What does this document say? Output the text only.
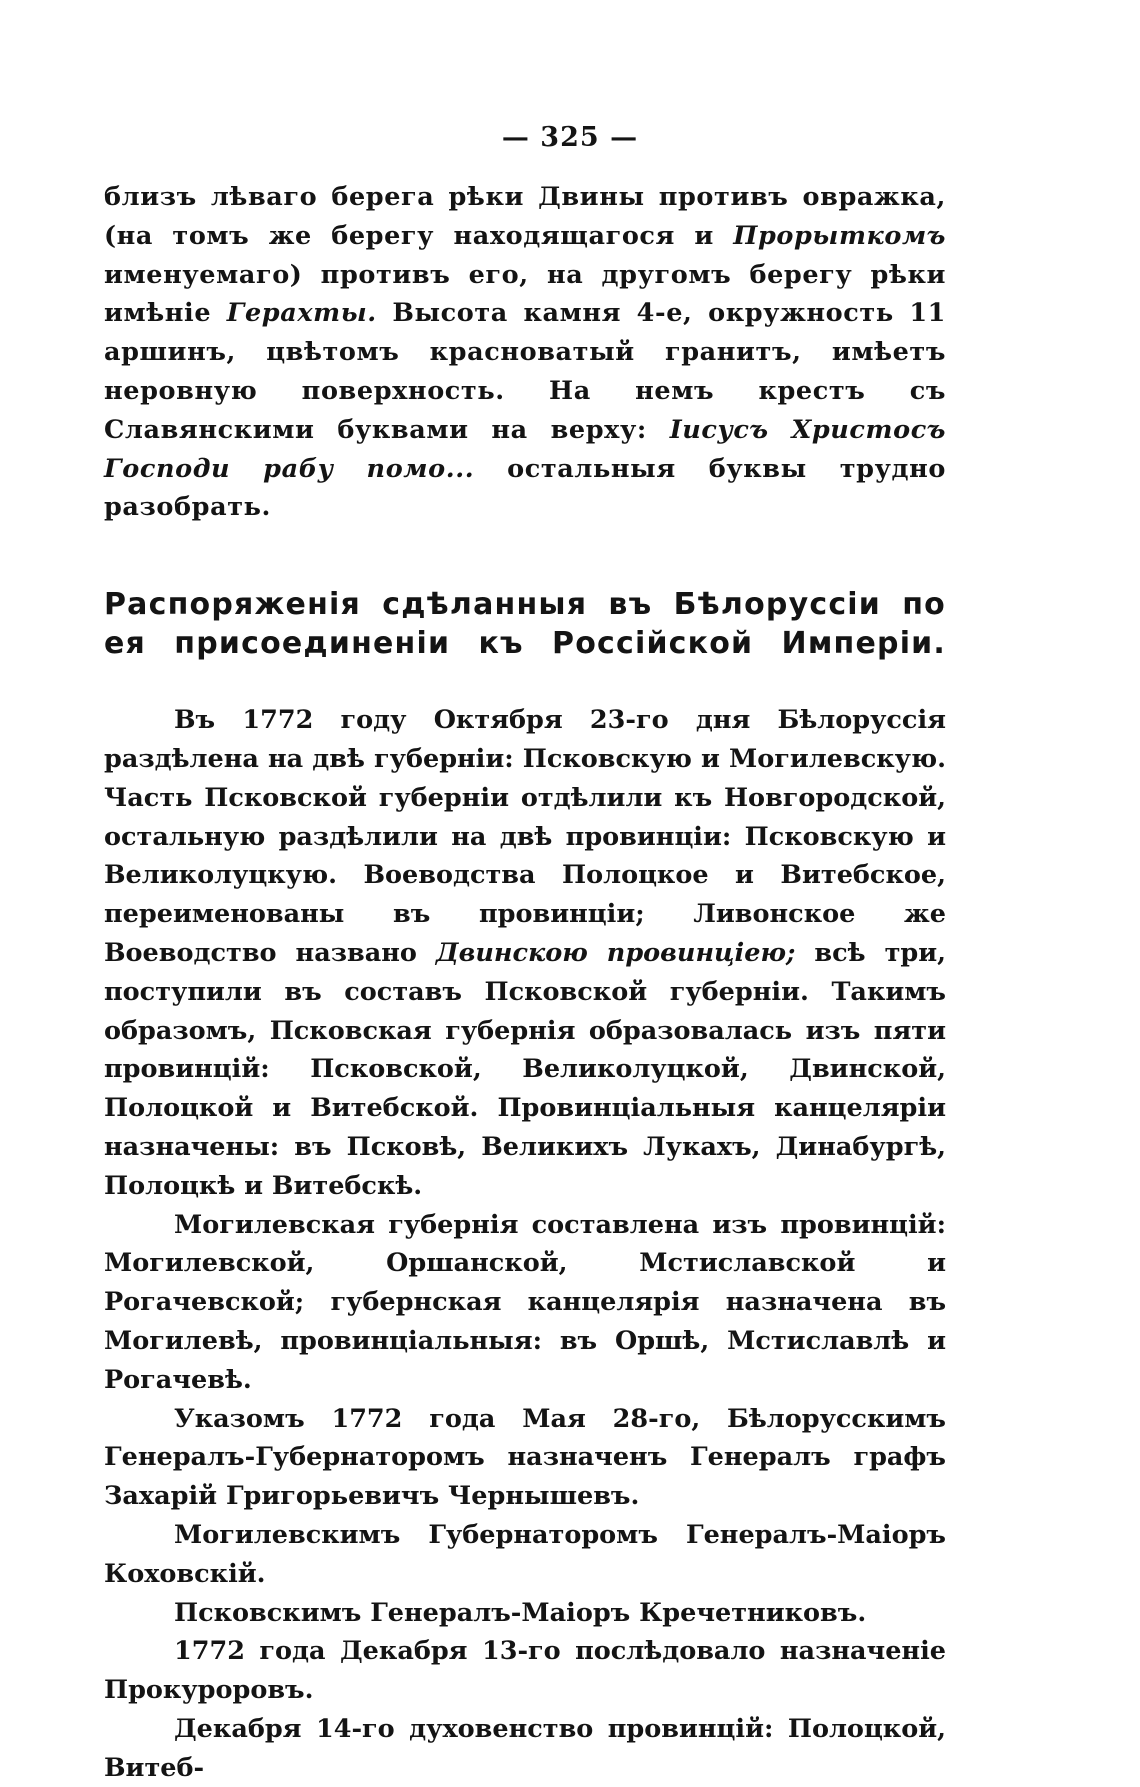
— 325 —

близъ лѣваго берега рѣки Двины противъ овражка, (на томъ же берегу находящагося и Прорыткомъ именуемаго) противъ его, на другомъ берегу рѣки имѣніе Герахты. Высота камня 4-е, окружность 11 аршинъ, цвѣтомъ красноватый гранитъ, имѣетъ неровную поверхность. На немъ крестъ съ Славянскими буквами на верху: Iисусъ Христосъ Господи рабу помо... остальныя буквы трудно разобрать.

Распоряженія сдѣланныя въ Бѣлоруссіи по ея присоединеніи къ Россійской Имперіи.

Въ 1772 году Октября 23-го дня Бѣлоруссія раздѣлена на двѣ губерніи: Псковскую и Могилевскую. Часть Псковской губерніи отдѣлили къ Новгородской, остальную раздѣлили на двѣ провинціи: Псковскую и Великолуцкую. Воеводства Полоцкое и Витебское, переименованы въ провинціи; Ливонское же Воеводство названо Двинскою провинціею; всѣ три, поступили въ составъ Псковской губерніи. Такимъ образомъ, Псковская губернія образовалась изъ пяти провинцій: Псковской, Великолуцкой, Двинской, Полоцкой и Витебской. Провинціальныя канцеляріи назначены: въ Псковѣ, Великихъ Лукахъ, Динабургѣ, Полоцкѣ и Витебскѣ.

Могилевская губернія составлена изъ провинцій: Могилевской, Оршанской, Мстиславской и Рогачевской; губернская канцелярія назначена въ Могилевѣ, провинціальныя: въ Оршѣ, Мстиславлѣ и Рогачевѣ.

Указомъ 1772 года Мая 28-го, Бѣлорусскимъ Генералъ-Губернаторомъ назначенъ Генералъ графъ Захарій Григорьевичъ Чернышевъ.

Могилевскимъ Губернаторомъ Генералъ-Маіоръ Коховскій.

Псковскимъ Генералъ-Маіоръ Кречетниковъ.

1772 года Декабря 13-го послѣдовало назначеніе Прокуроровъ.

Декабря 14-го духовенство провинцій: Полоцкой, Витеб-
